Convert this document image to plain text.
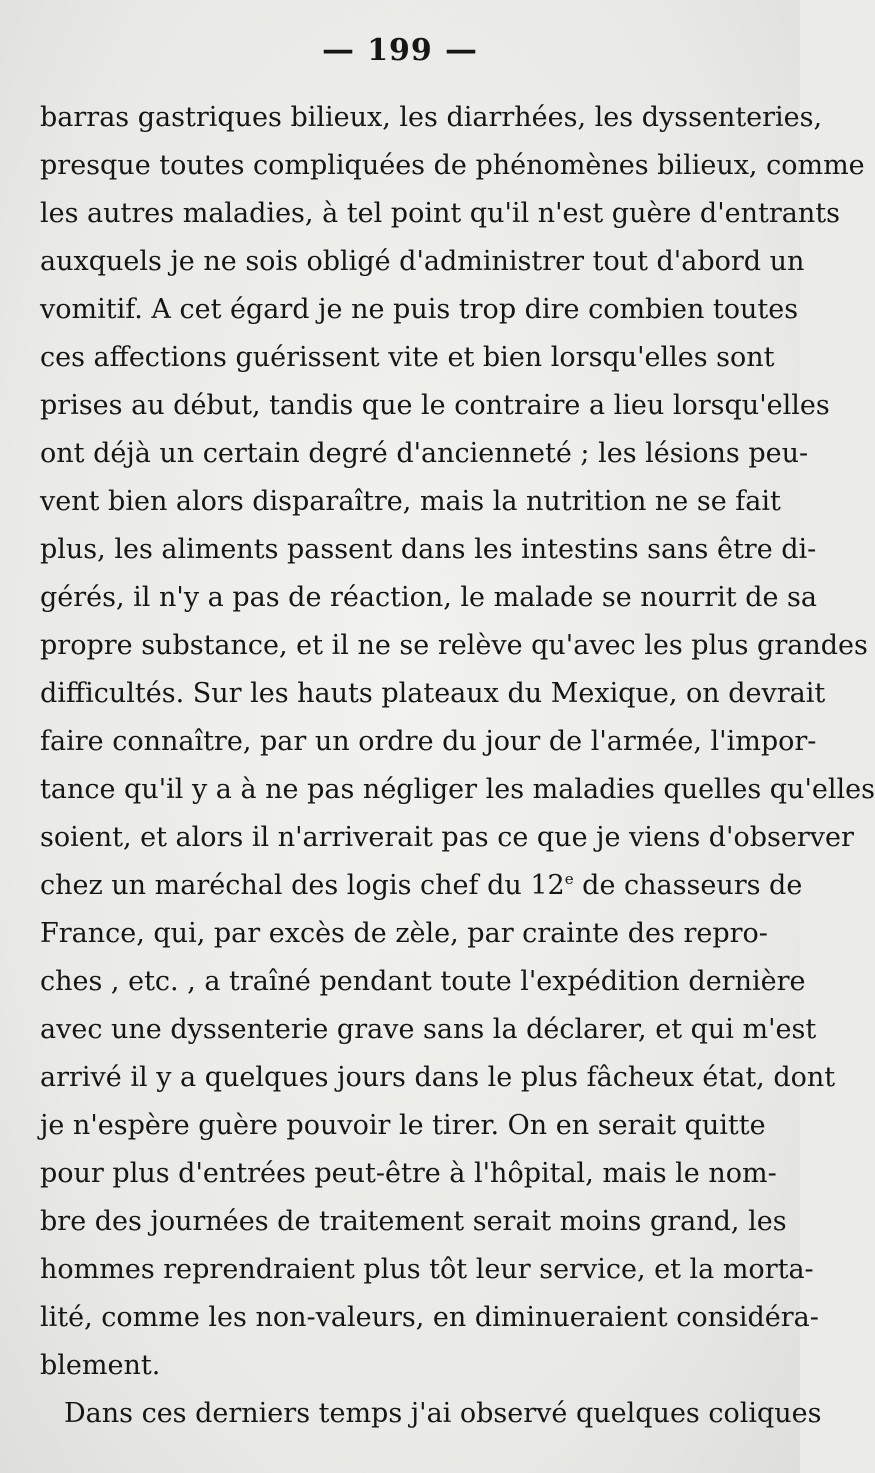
— 199 —
barras gastriques bilieux, les diarrhées, les dyssenteries,
presque toutes compliquées de phénomènes bilieux, comme
les autres maladies, à tel point qu'il n'est guère d'entrants
auxquels je ne sois obligé d'administrer tout d'abord un
vomitif. A cet égard je ne puis trop dire combien toutes
ces affections guérissent vite et bien lorsqu'elles sont
prises au début, tandis que le contraire a lieu lorsqu'elles
ont déjà un certain degré d'ancienneté ; les lésions peu-
vent bien alors disparaître, mais la nutrition ne se fait
plus, les aliments passent dans les intestins sans être di-
gérés, il n'y a pas de réaction, le malade se nourrit de sa
propre substance, et il ne se relève qu'avec les plus grandes
difficultés. Sur les hauts plateaux du Mexique, on devrait
faire connaître, par un ordre du jour de l'armée, l'impor-
tance qu'il y a à ne pas négliger les maladies quelles qu'elles
soient, et alors il n'arriverait pas ce que je viens d'observer
chez un maréchal des logis chef du 12e de chasseurs de
France, qui, par excès de zèle, par crainte des repro-
ches , etc. , a traîné pendant toute l'expédition dernière
avec une dyssenterie grave sans la déclarer, et qui m'est
arrivé il y a quelques jours dans le plus fâcheux état, dont
je n'espère guère pouvoir le tirer. On en serait quitte
pour plus d'entrées peut-être à l'hôpital, mais le nom-
bre des journées de traitement serait moins grand, les
hommes reprendraient plus tôt leur service, et la morta-
lité, comme les non-valeurs, en diminueraient considéra-
blement.
Dans ces derniers temps j'ai observé quelques coliques
